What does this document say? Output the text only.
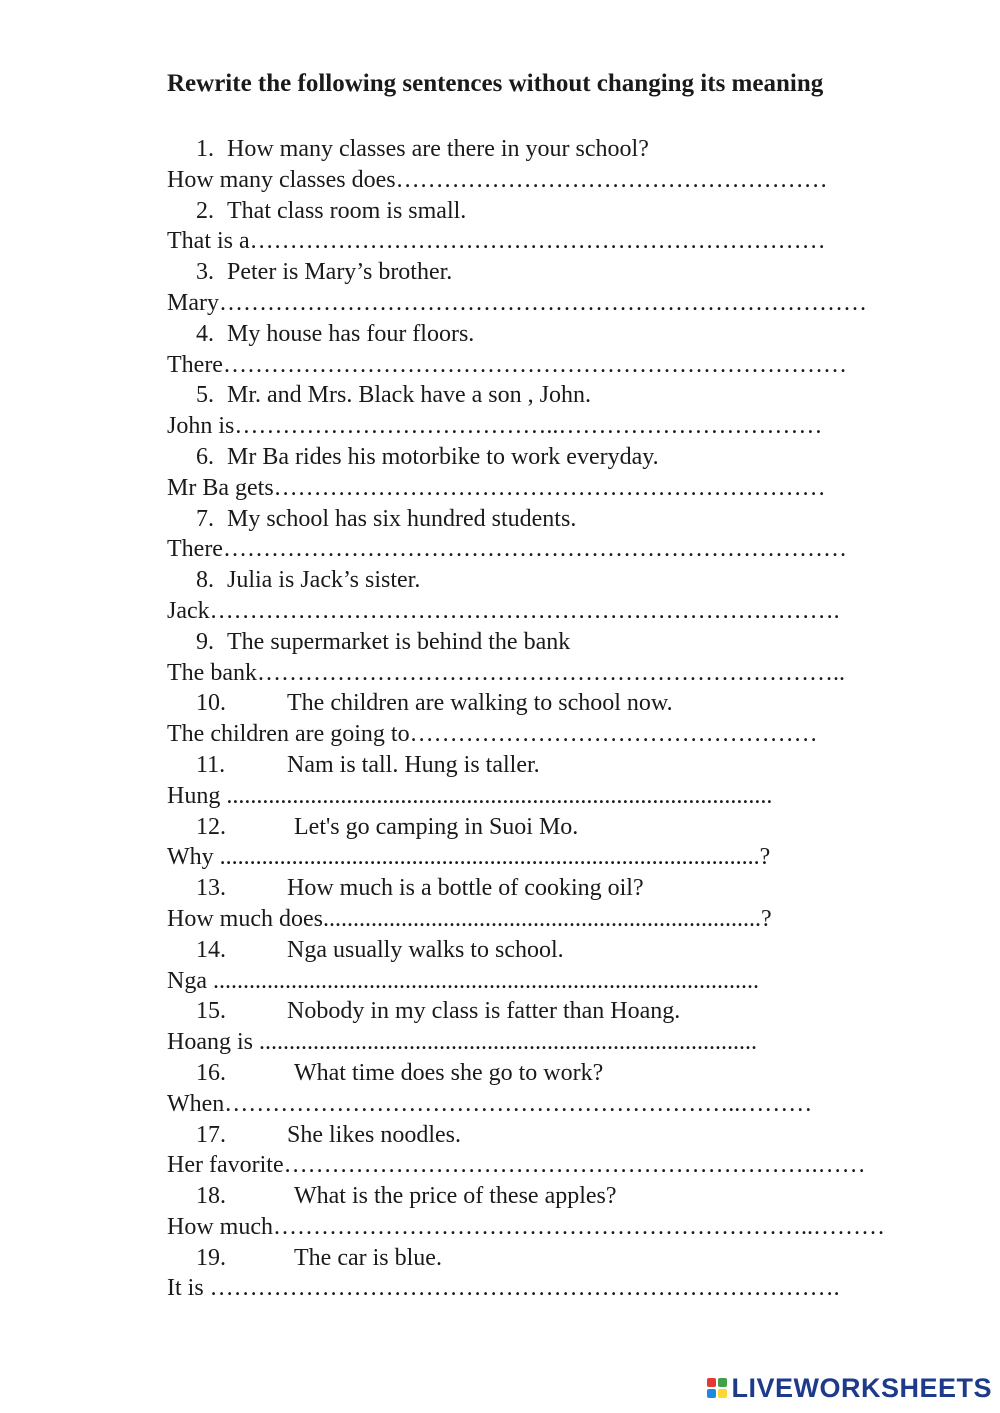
Rewrite the following sentences without changing its meaning
1. How many classes are there in your school?
How many classes does………………………………………………
2. That class room is small.
That is a………………………………………………………………
3. Peter is Mary’s brother.
Mary………………………………………………………………………
4. My house has four floors.
There……………………………………………………………………
5. Mr. and Mrs. Black have a son , John.
John is…………………………………..……………………………
6. Mr Ba rides his motorbike to work everyday.
Mr Ba gets……………………………………………………………
7. My school has six hundred students.
There……………………………………………………………………
8. Julia is Jack’s sister.
Jack…………………………………………………………………….
9. The supermarket is behind the bank
The bank………………………………………………………………..
10.	The children are walking to school now.
The children are going to……………………………………………
11.	Nam is tall. Hung is taller.
Hung ...........................................................................................
12.	Let's go camping in Suoi Mo.
Why ..........................................................................................?
13.	How much is a bottle of cooking oil?
How much does.........................................................................?
14.	Nga usually walks to school.
Nga ...........................................................................................
15.	Nobody in my class is fatter than Hoang.
Hoang is ...................................................................................
16.	What time does she go to work?
When………………………………………………………..………
17.	She likes noodles.
Her favorite………………………………………………………….……
18.	What is the price of these apples?
How much…………………………………………………………..………
19.	The car is blue.
It is …………………………………………………………………….
LIVEWORKSHEETS
